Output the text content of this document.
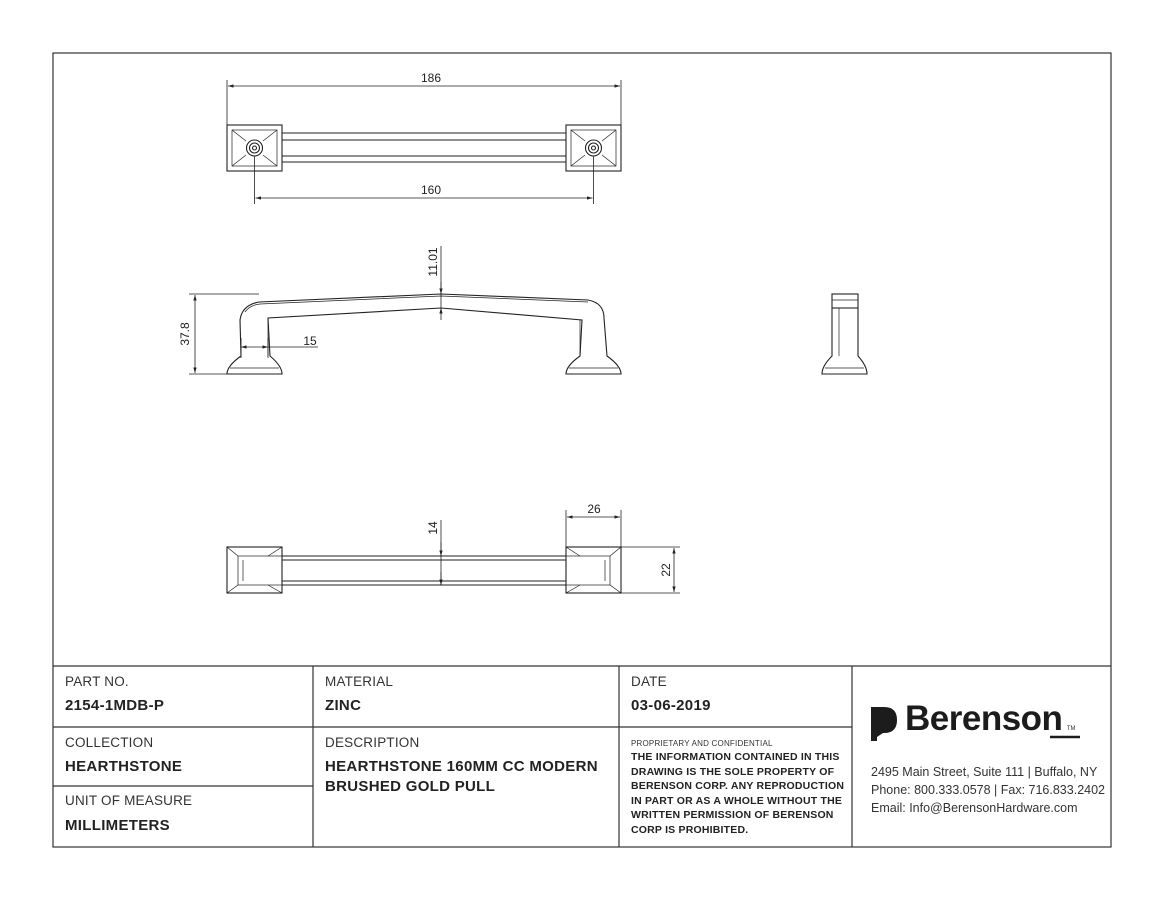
186
160
37.8
11.01
15
14
26
22
PART NO.
2154-1MDB-P
COLLECTION
HEARTHSTONE
UNIT OF MEASURE
MILLIMETERS
MATERIAL
ZINC
DESCRIPTION
HEARTHSTONE 160MM CC MODERN
BRUSHED GOLD PULL
DATE
03-06-2019
PROPRIETARY AND CONFIDENTIAL
THE INFORMATION CONTAINED IN THIS
DRAWING IS THE SOLE PROPERTY OF
BERENSON CORP. ANY REPRODUCTION
IN PART OR AS A WHOLE WITHOUT THE
WRITTEN PERMISSION OF BERENSON
CORP IS PROHIBITED.
Berenson TM
2495 Main Street, Suite 111 | Buffalo, NY
Phone: 800.333.0578 | Fax: 716.833.2402
Email: Info@BerensonHardware.com
